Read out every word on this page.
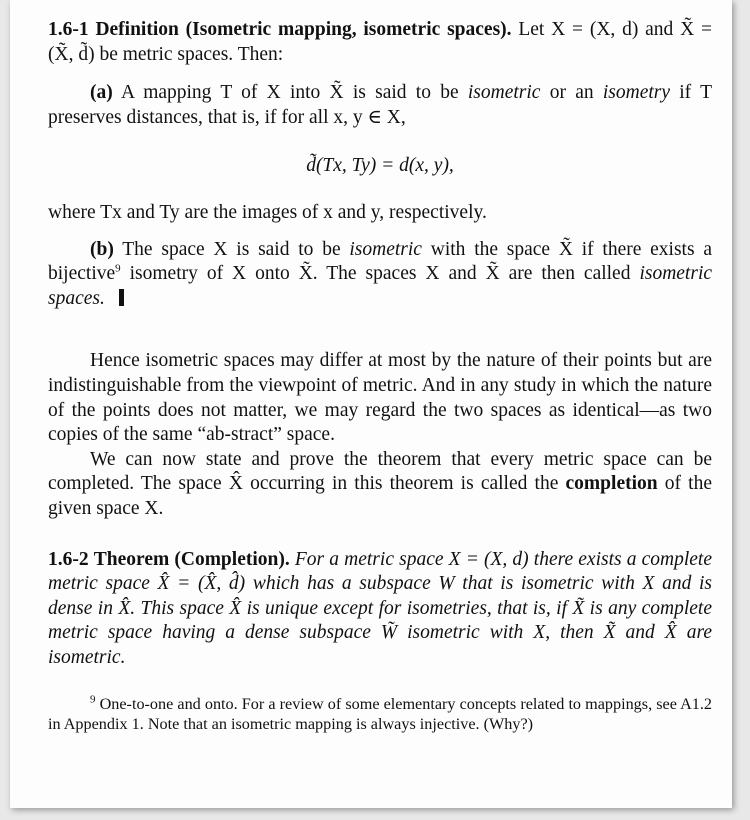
1.6-1 Definition (Isometric mapping, isometric spaces). Let X = (X, d) and X̃ = (X̃, d̃) be metric spaces. Then:

(a) A mapping T of X into X̃ is said to be isometric or an isometry if T preserves distances, that is, if for all x, y ∈ X,

d̃(Tx, Ty) = d(x, y),

where Tx and Ty are the images of x and y, respectively.

(b) The space X is said to be isometric with the space X̃ if there exists a bijective$^9$ isometry of X onto X̃. The spaces X and X̃ are then called isometric spaces.

Hence isometric spaces may differ at most by the nature of their points but are indistinguishable from the viewpoint of metric. And in any study in which the nature of the points does not matter, we may regard the two spaces as identical—as two copies of the same “ab-stract” space.

We can now state and prove the theorem that every metric space can be completed. The space X̂ occurring in this theorem is called the completion of the given space X.

1.6-2 Theorem (Completion). For a metric space X = (X, d) there exists a complete metric space X̂ = (X̂, d̂) which has a subspace W that is isometric with X and is dense in X̂. This space X̂ is unique except for isometries, that is, if X̃ is any complete metric space having a dense subspace W̃ isometric with X, then X̃ and X̂ are isometric.

$^9$ One-to-one and onto. For a review of some elementary concepts related to mappings, see A1.2 in Appendix 1. Note that an isometric mapping is always injective. (Why?)
